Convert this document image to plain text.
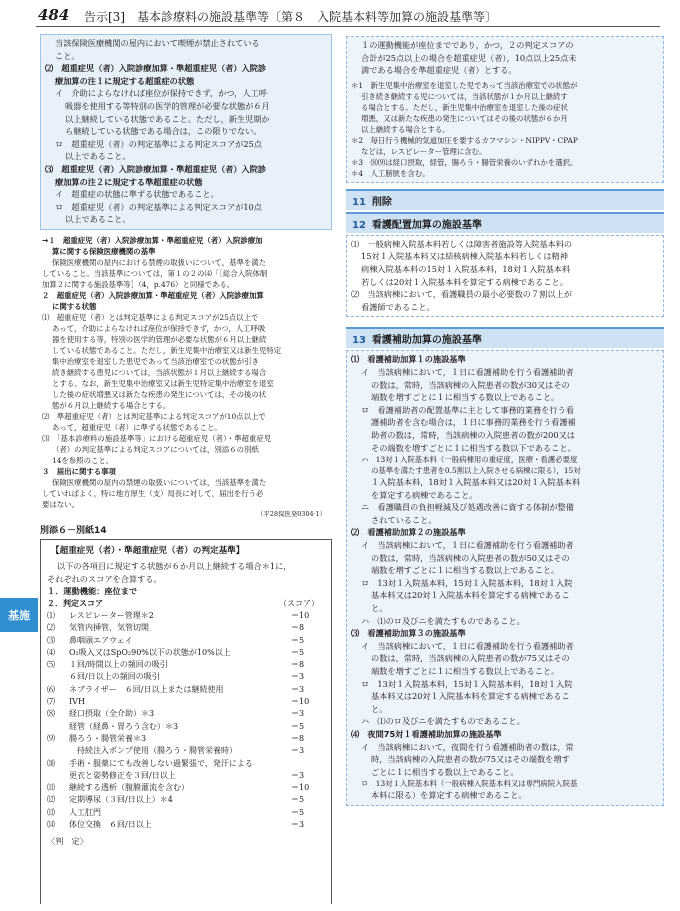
484 告示[3]　基本診療料の施設基準等〔第８　入院基本料等加算の施設基準等〕
基施
当該保険医療機関の屋内において喫煙が禁止されている
こと。
⑵　超重症児（者）入院診療加算・準超重症児（者）入院診
療加算の注１に規定する超重症の状態
イ　介助によらなければ座位が保持できず，かつ，人工呼
吸器を使用する等特別の医学的管理が必要な状態が６月
以上継続している状態であること。ただし，新生児期か
ら継続している状態である場合は，この限りでない。
ロ　超重症児（者）の判定基準による判定スコアが25点
以上であること。
⑶　超重症児（者）入院診療加算・準超重症児（者）入院診
療加算の注２に規定する準超重症の状態
イ　超重症の状態に準ずる状態であること。
ロ　超重症児（者）の判定基準による判定スコアが10点
以上であること。
→１　超重症児（者）入院診療加算・準超重症児（者）入院診療加
算に関する保険医療機関の基準
保険医療機関の屋内における禁煙の取扱いについて，基準を満た
していること。当該基準については，第１の２の⑷「［総合入院体制
加算２に関する施設基準等］（4，p.476）と同様である。
２　超重症児（者）入院診療加算・準超重症児（者）入院診療加算
に関する状態
⑴　超重症児（者）とは判定基準による判定スコアが25点以上で
あって，介助によらなければ座位が保持できず，かつ，人工呼吸
器を使用する等，特別の医学的管理が必要な状態が６月以上継続
している状態であること。ただし，新生児集中治療室又は新生児特定
集中治療室を退室した患児であって当該治療室での状態が引き
続き継続する患児については，当該状態が１月以上継続する場合
とする。なお，新生児集中治療室又は新生児特定集中治療室を退室
した後の症状増悪又は新たな疾患の発生については，その後の状
態が６月以上継続する場合とする。
⑵　準超重症児（者）とは判定基準による判定スコアが10点以上で
あって，超重症児（者）に準ずる状態であること。
⑶　「基本診療料の施設基準等」における超重症児（者）・準超重症児
（者）の判定基準による判定スコアについては，別添６の別紙
14を参照のこと。
３　届出に関する事項
保険医療機関の屋内の禁煙の取扱いについては，当該基準を満た
していればよく，特に地方厚生（支）局長に対して，届出を行う必
要はない。
（平28保医発0304·1）
別添６－別紙14
【超重症児（者）・準超重症児（者）の判定基準】
以下の各項目に規定する状態が６か月以上継続する場合＊1に，
それぞれのスコアを合算する。
１．運動機能：座位まで
２．判定スコア	（スコア）
⑴	レスピレーター管理＊2	＝10
⑵	気管内挿管，気管切開	＝8
⑶	鼻咽頭エアウェイ	＝5
⑷	O₂吸入又はSpO₂90%以下の状態が10%以上	＝5
⑸	１回/時間以上の頻回の吸引	＝8
６回/日以上の頻回の吸引	＝3
⑹	ネブライザー　６回/日以上または継続使用	＝3
⑺	IVH	＝10
⑻	経口摂取（全介助）＊3	＝3
経管（経鼻・胃ろう含む）＊3	＝5
⑼	腸ろう・腸管栄養＊3	＝8
　持続注入ポンプ使用（腸ろう・腸管栄養時）	＝3
⑽	手術・服薬にても改善しない過緊張で，発汗による
更衣と姿勢修正を３回/日以上	＝3
⑾	継続する透析（腹膜灌流を含む）	＝10
⑿	定期導尿（３回/日以上）＊4	＝5
⒀	人工肛門	＝5
⒁	体位交換　６回/日以上	＝3
〈判　定〉
１の運動機能が座位までであり，かつ，２の判定スコアの
合計が25点以上の場合を超重症児（者），10点以上25点未
満である場合を準超重症児（者）とする。
＊1　新生児集中治療室を退室した児であって当該治療室での状態が
引き続き継続する児については，当該状態が１か月以上継続す
る場合とする。ただし，新生児集中治療室を退室した後の症状
増悪，又は新たな疾患の発生についてはその後の状態が６か月
以上継続する場合とする。
＊2　毎日行う機械的気道加圧を要するカフマシン・NIPPV・CPAP
などは，レスピレーター管理に含む。
＊3　⑻⑼は経口摂取，経管，腸ろう・腸管栄養のいずれかを選択。
＊4　人工膀胱を含む。
11 削除
12 看護配置加算の施設基準
⑴　一般病棟入院基本料若しくは障害者施設等入院基本料の
15対１入院基本料又は結核病棟入院基本料若しくは精神
病棟入院基本料の15対１入院基本料，18対１入院基本料
若しくは20対１入院基本料を算定する病棟であること。
⑵　当該病棟において，看護職員の最小必要数の７割以上が
看護師であること。
13 看護補助加算の施設基準
⑴　看護補助加算１の施設基準
イ　当該病棟において，１日に看護補助を行う看護補助者
の数は，常時，当該病棟の入院患者の数が30又はその
端数を増すごとに１に相当する数以上であること。
ロ　看護補助者の配置基準に主として事務的業務を行う看
護補助者を含む場合は，１日に事務的業務を行う看護補
助者の数は，常時，当該病棟の入院患者の数が200又は
その端数を増すごとに１に相当する数以下であること。
ハ　13対１入院基本料（一般病棟用の重症度，医療・看護必要度
の基準を満たす患者を0.5割以上入院させる病棟に限る），15対
１入院基本料，18対１入院基本料又は20対１入院基本料
を算定する病棟であること。
ニ　看護職員の負担軽減及び処遇改善に資する体制が整備
されていること。
⑵　看護補助加算２の施設基準
イ　当該病棟において，１日に看護補助を行う看護補助者
の数は，常時，当該病棟の入院患者の数が50又はその
端数を増すごとに１に相当する数以上であること。
ロ　13対１入院基本料，15対１入院基本料，18対１入院
基本料又は20対１入院基本料を算定する病棟であるこ
と。
ハ　⑴のロ及びニを満たすものであること。
⑶　看護補助加算３の施設基準
イ　当該病棟において，１日に看護補助を行う看護補助者
の数は，常時，当該病棟の入院患者の数が75又はその
端数を増すごとに１に相当する数以上であること。
ロ　13対１入院基本料，15対１入院基本料，18対１入院
基本料又は20対１入院基本料を算定する病棟であるこ
と。
ハ　⑴のロ及びニを満たすものであること。
⑷　夜間75対１看護補助加算の施設基準
イ　当該病棟において，夜間を行う看護補助者の数は，常
時，当該病棟の入院患者の数が75又はその端数を増す
ごとに１に相当する数以上であること。
ロ　13対１入院基本料（一般病棟入院基本料又は専門病院入院基
本料に限る）を算定する病棟であること。
